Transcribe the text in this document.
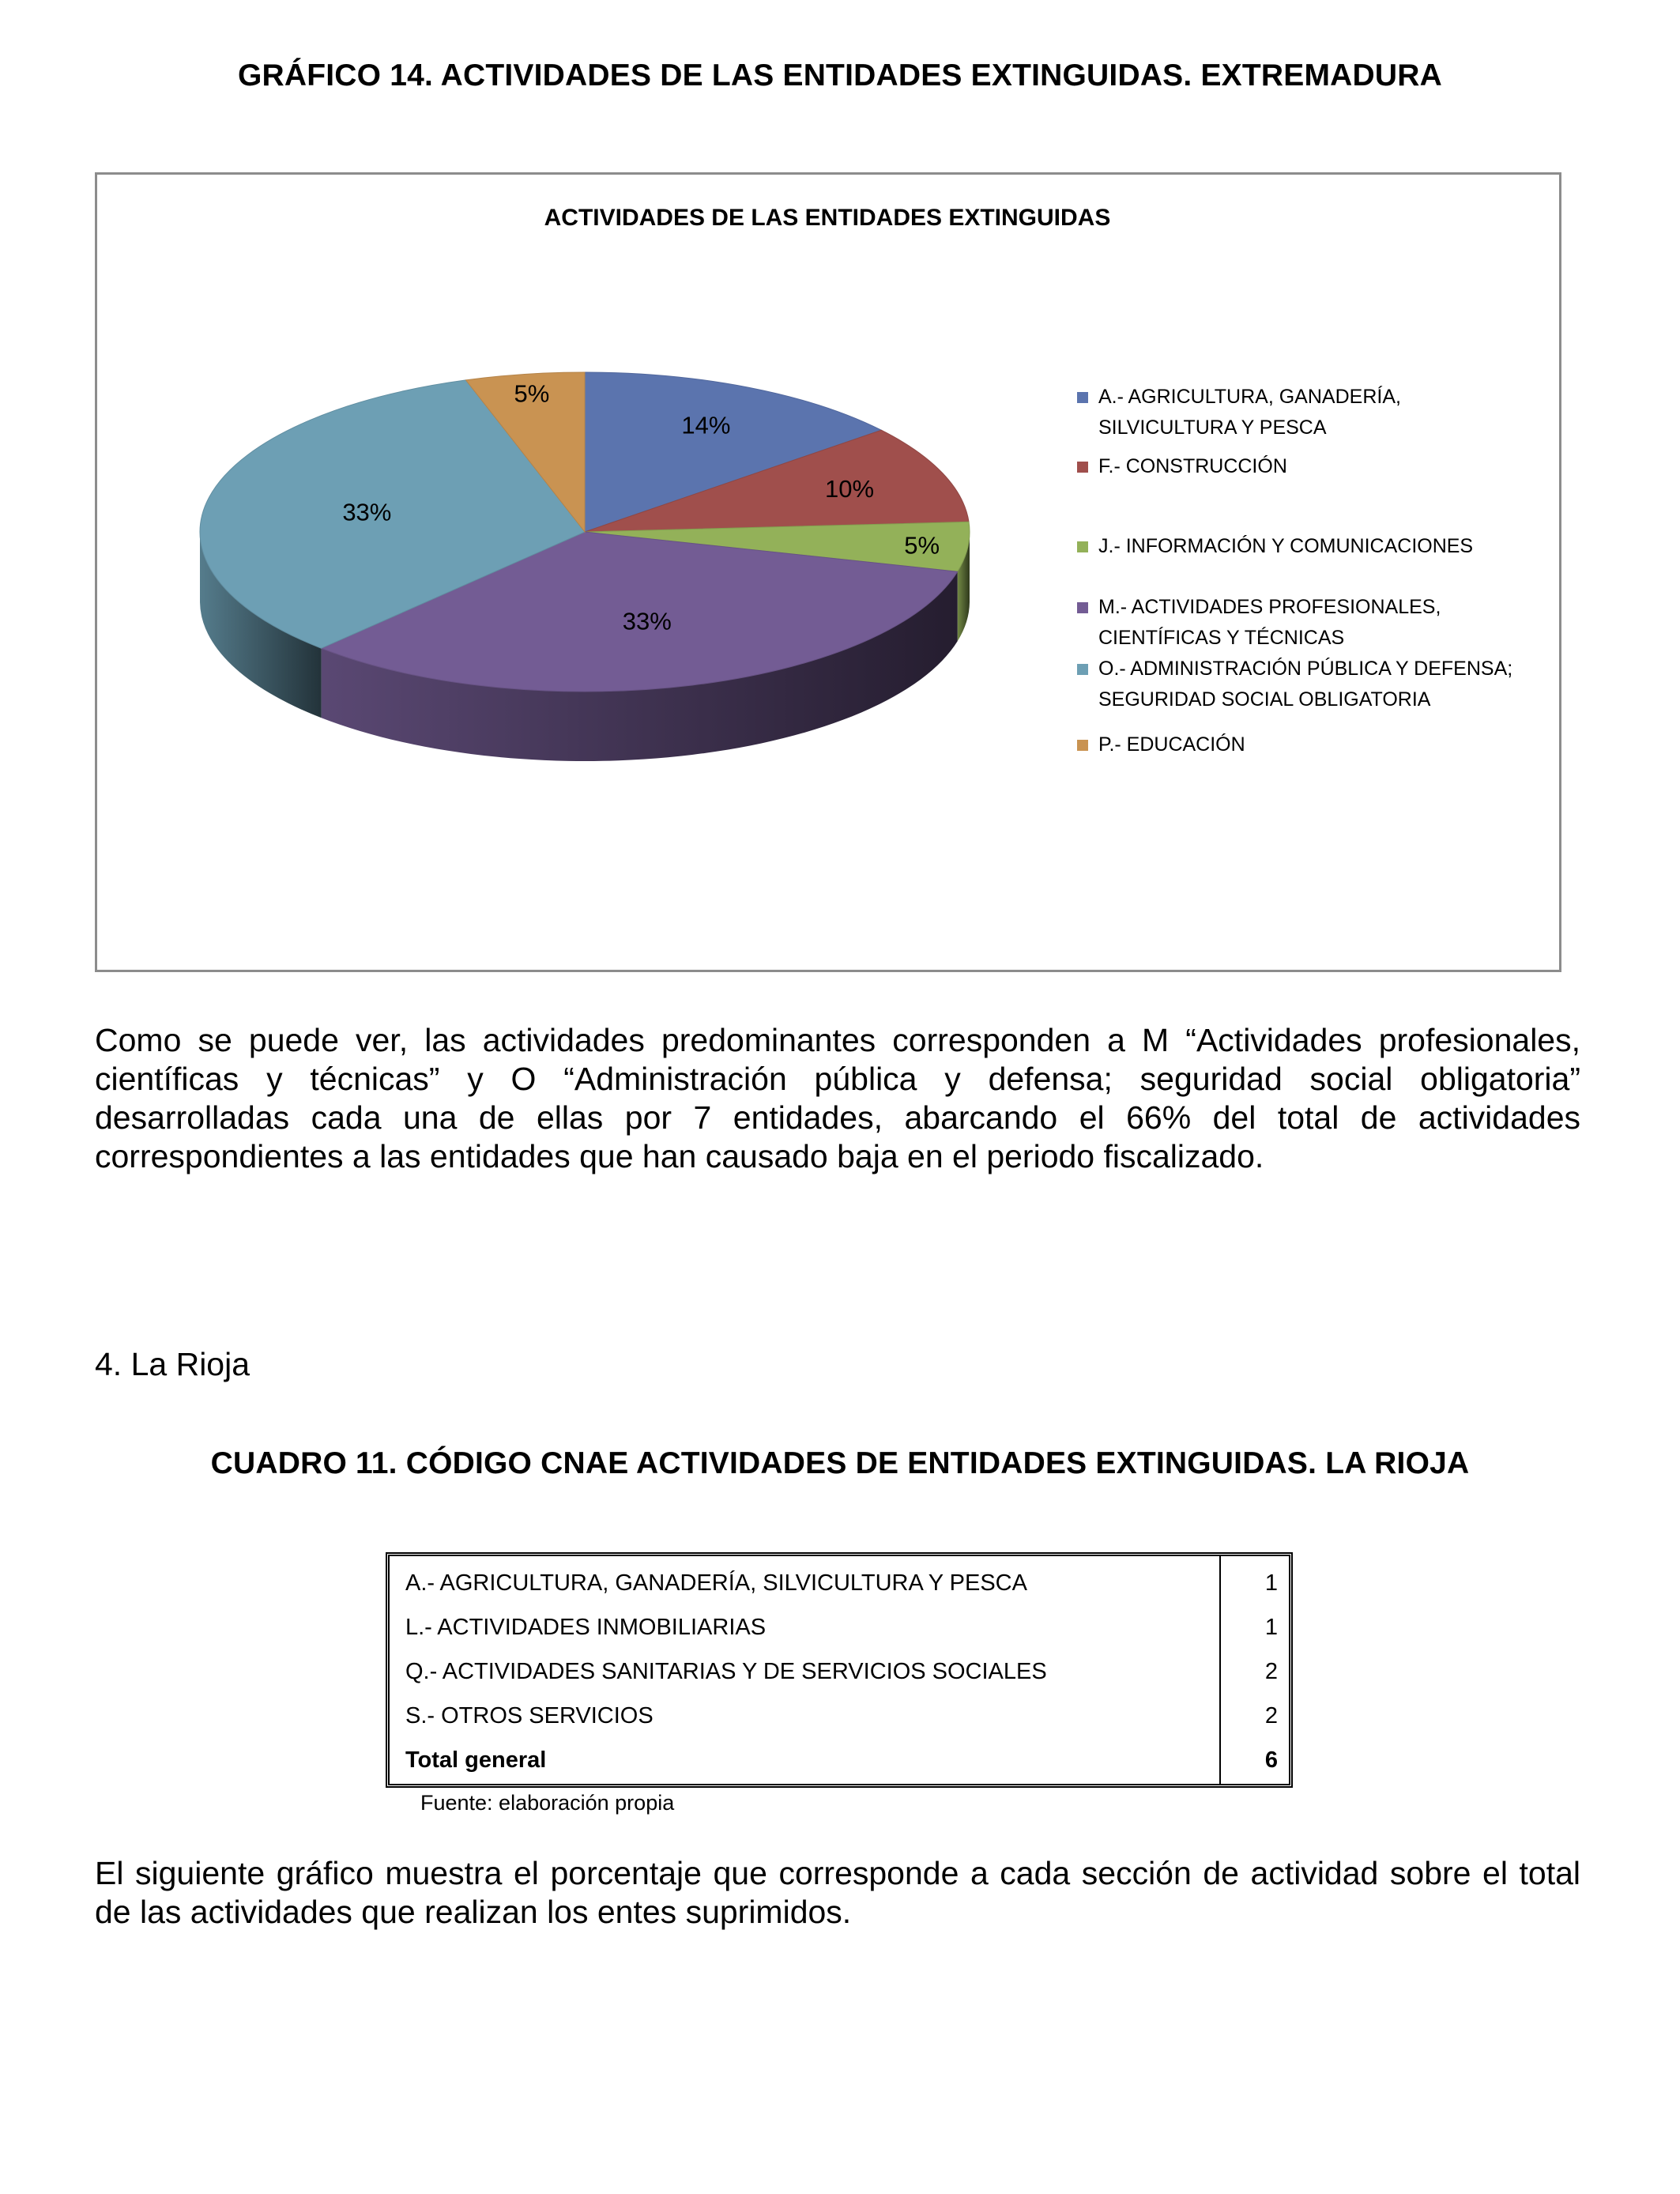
GRÁFICO 14. ACTIVIDADES DE LAS ENTIDADES EXTINGUIDAS. EXTREMADURA
ACTIVIDADES DE LAS ENTIDADES EXTINGUIDAS
14%
10%
5%
33%
33%
5%	A.- AGRICULTURA, GANADERÍA,
SILVICULTURA Y PESCA
F.- CONSTRUCCIÓN
J.- INFORMACIÓN Y COMUNICACIONES
M.- ACTIVIDADES PROFESIONALES,
CIENTÍFICAS Y TÉCNICAS
O.- ADMINISTRACIÓN PÚBLICA Y DEFENSA;
SEGURIDAD SOCIAL OBLIGATORIA
P.- EDUCACIÓN
Como se puede ver, las actividades predominantes corresponden a M “Actividades profesionales, científicas y técnicas” y O “Administración pública y defensa; seguridad social obligatoria” desarrolladas cada una de ellas por 7 entidades, abarcando el 66% del total de actividades correspondientes a las entidades que han causado baja en el periodo fiscalizado.
4. La Rioja
CUADRO 11. CÓDIGO CNAE ACTIVIDADES DE ENTIDADES EXTINGUIDAS. LA RIOJA
A.- AGRICULTURA, GANADERÍA, SILVICULTURA Y PESCA	1
L.- ACTIVIDADES INMOBILIARIAS	1
Q.- ACTIVIDADES SANITARIAS Y DE SERVICIOS SOCIALES	2
S.- OTROS SERVICIOS	2
Total general	6
Fuente: elaboración propia
El siguiente gráfico muestra el porcentaje que corresponde a cada sección de actividad sobre el total de las actividades que realizan los entes suprimidos.
